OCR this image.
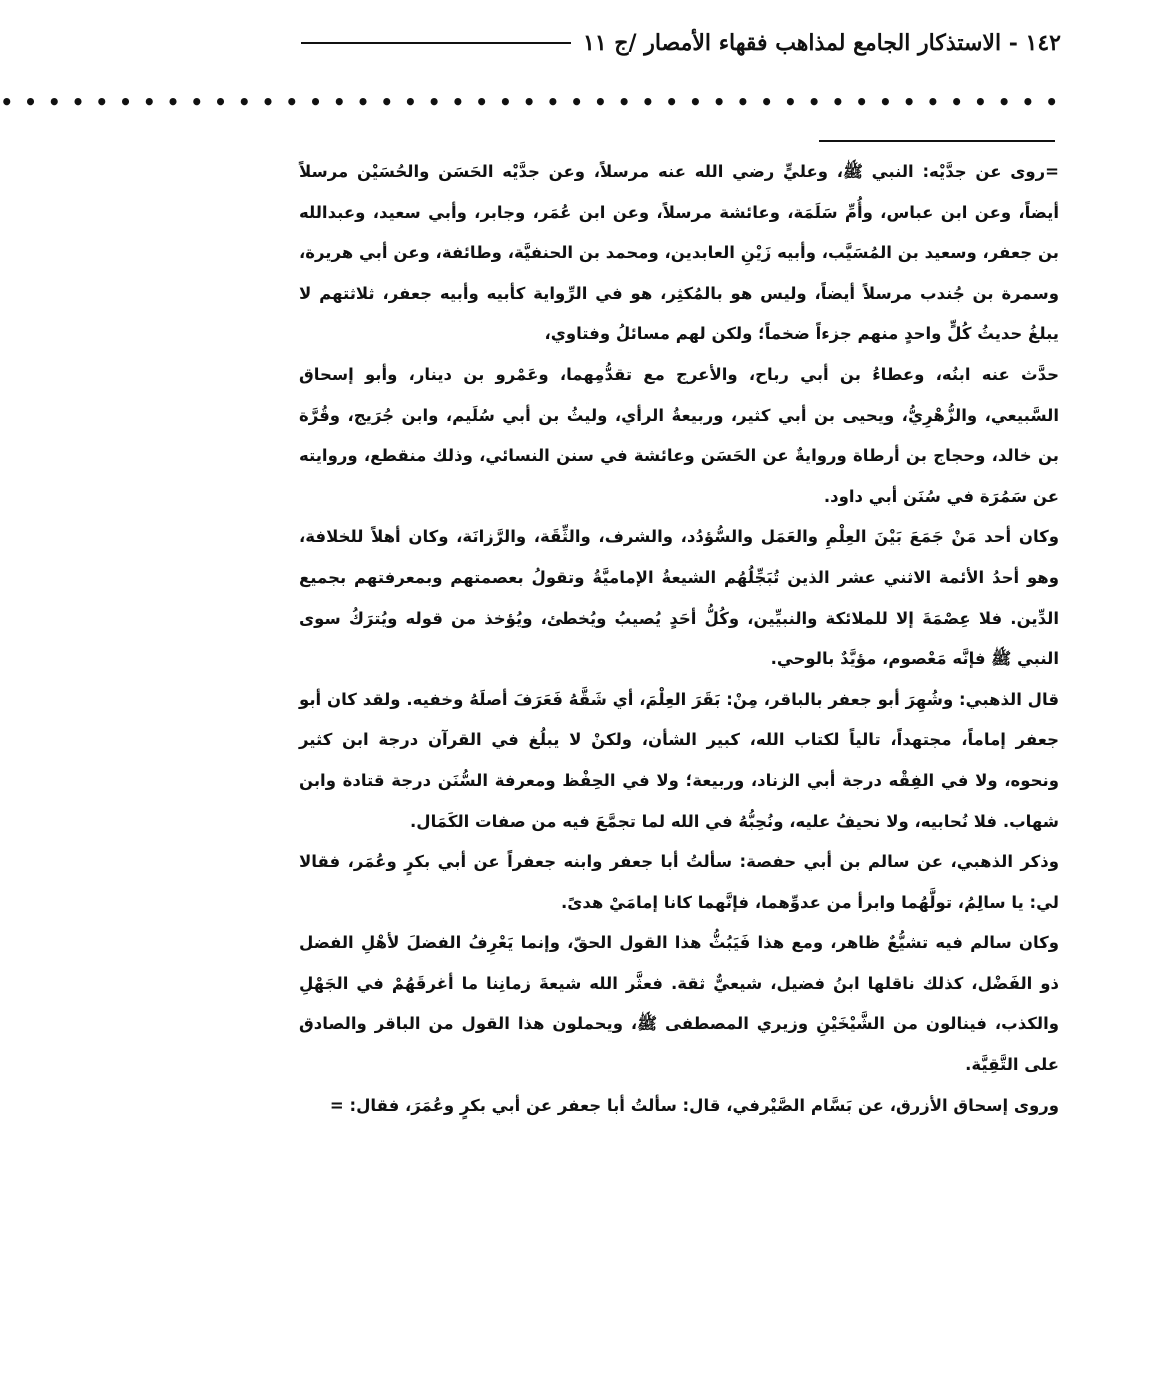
١٤٢ - الاستذكار الجامع لمذاهب فقهاء الأمصار /ج ١١
• • • • • • • • • • • • • • • • • • • • • • • • • • • • • • • • • • • • • • • • • • • • •

=روى عن جدَّيْه: النبي ﷺ، وعليٍّ رضي الله عنه مرسلاً، وعن جدَّيْه الحَسَن والحُسَيْن مرسلاً أيضاً، وعن ابن عباس، وأُمِّ سَلَمَة، وعائشة مرسلاً، وعن ابن عُمَر، وجابر، وأبي سعيد، وعبدالله بن جعفر، وسعيد بن المُسَيَّب، وأبيه زَيْنِ العابدين، ومحمد بن الحنفيَّة، وطائفة، وعن أبي هريرة، وسمرة بن جُندب مرسلاً أيضاً، وليس هو بالمُكثِر، هو في الرِّواية كأبيه وأبيه جعفر، ثلاثتهم لا يبلغُ حديثُ كُلٍّ واحدٍ منهم جزءاً ضخماً؛ ولكن لهم مسائلُ وفتاوي،

حدَّث عنه ابنُه، وعطاءُ بن أبي رباح، والأعرج مع تقدُّمِهما، وعَمْرو بن دينار، وأبو إسحاق السَّبيعي، والزُّهْرِيُّ، ويحيى بن أبي كثير، وربيعةُ الرأي، وليثُ بن أبي سُلَيم، وابن جُرَيج، وقُرَّة بن خالد، وحجاج بن أرطاة وروايةٌ عن الحَسَن وعائشة في سنن النسائي، وذلك منقطع، وروايته عن سَمُرَة في سُنَن أبي داود.

وكان أحد مَنْ جَمَعَ بَيْنَ العِلْمِ والعَمَل والسُّؤدُد، والشرف، والثِّقَة، والرَّزانَة، وكان أهلاً للخلافة، وهو أحدُ الأئمة الاثني عشر الذين تُبَجِّلُهُم الشيعةُ الإماميَّةُ وتقولُ بعصمتهم وبمعرفتهم بجميع الدِّين. فلا عِصْمَةَ إلا للملائكة والنبيِّين، وكُلُّ أحَدٍ يُصيبُ ويُخطئ، ويُؤخذ من قوله ويُترَكُ سوى النبي ﷺ فإنَّه مَعْصوم، مؤيَّدٌ بالوحي.

قال الذهبي: وشُهِرَ أبو جعفر بالباقر، مِنْ: بَقَرَ العِلْمَ، أي شَقَّهُ فَعَرَفَ أصلَهُ وخفيه. ولقد كان أبو جعفر إماماً، مجتهداً، تالياً لكتاب الله، كبير الشأن، ولكنْ لا يبلُغ في القرآن درجة ابن كثير ونحوه، ولا في الفِقْه درجة أبي الزناد، وربيعة؛ ولا في الحِفْظ ومعرفة السُّنَن درجة قتادة وابن شهاب. فلا نُحابيه، ولا نحيفُ عليه، ونُحِبُّهُ في الله لما تجمَّعَ فيه من صفات الكَمَال.

وذكر الذهبي، عن سالم بن أبي حفصة: سألتُ أبا جعفر وابنه جعفراً عن أبي بكرٍ وعُمَر، فقالا لي: يا سالِمُ، تولَّهُما وابرأ من عدوِّهما، فإنَّهما كانا إمامَيْ هدىً.

وكان سالم فيه تشيُّعٌ ظاهر، ومع هذا فَيَبُثُّ هذا القول الحقّ، وإنما يَعْرِفُ الفضلَ لأهْلِ الفضل ذو الفَضْل، كذلك ناقلها ابنُ فضيل، شيعيٌّ ثقة. فعثَّر الله شيعةَ زمانِنا ما أغرقَهُمْ في الجَهْلِ والكذب، فينالون من الشَّيْخَيْنِ وزيري المصطفى ﷺ، ويحملون هذا القول من الباقر والصادق على التَّقِيَّة.

وروى إسحاق الأزرق، عن بَسَّام الصَّيْرفي، قال: سألتُ أبا جعفر عن أبي بكرٍ وعُمَرَ، فقال: =
